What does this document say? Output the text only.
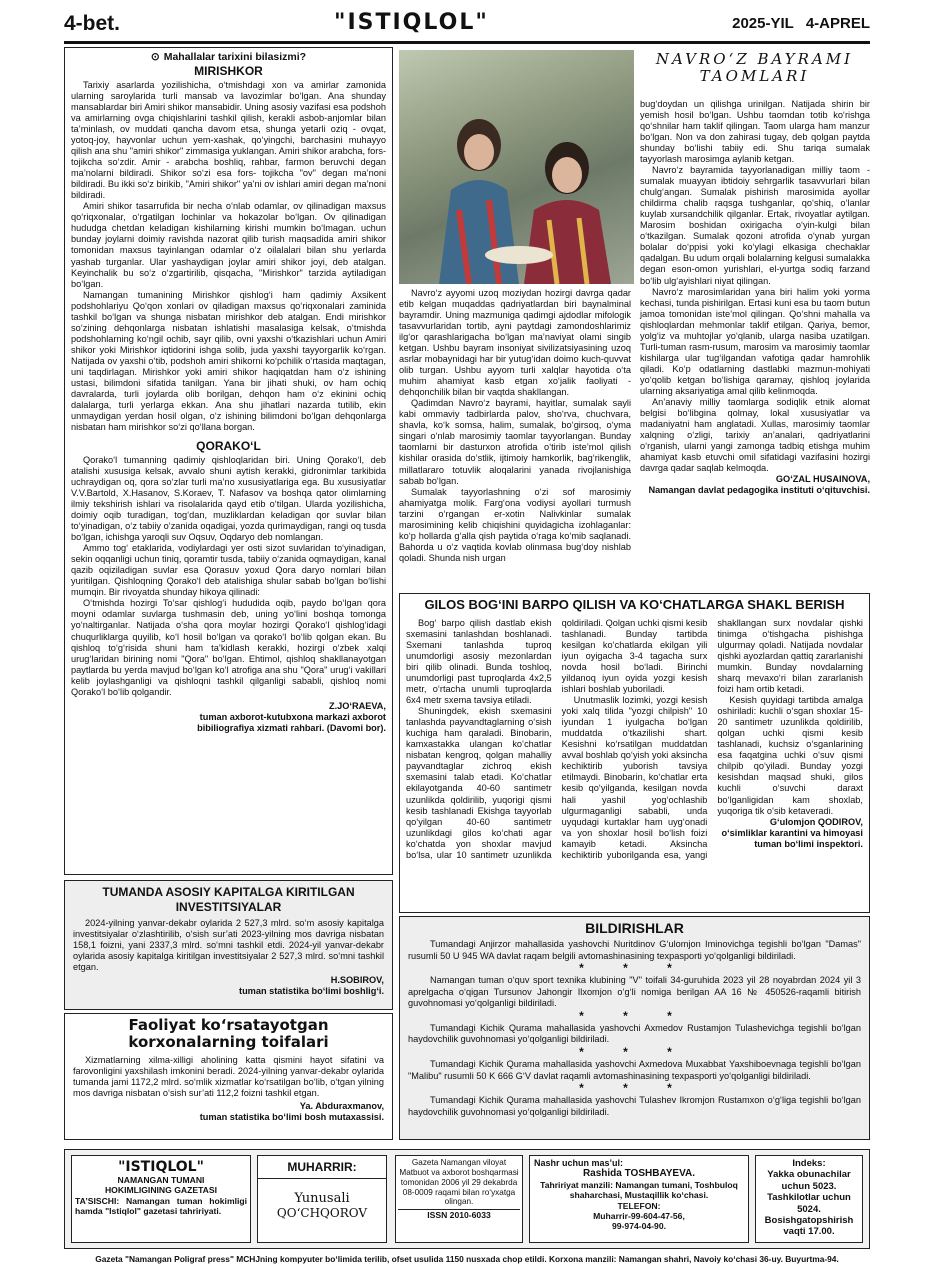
4-bet.	"ISTIQLOL"	2025-YIL 4-APREL
⊙ Mahallalar tarixini bilasizmi?
MIRISHKOR

Tarixiy asarlarda yozilishicha, o‘tmishdagi xon va amirlar zamonida ularning saroylarida turli mansab va lavozimlar bo‘lgan. Ana shunday mansablardar biri Amiri shikor mansabidir. Uning asosiy vazifasi esa podshoh va amirlarning ovga chiqishlarini tashkil qilish, kerakli asbob-anjomlar bilan ta’minlash, ov muddati qancha davom etsa, shunga yetarli oziq - ovqat, yotoq-joy, hayvonlar uchun yem-xashak, qo‘yingchi, barchasini muhayyo qilish ana shu "amiri shikor" zimmasiga yuklangan. Amiri shikor arabcha, fors-tojikcha so‘zdir. Amir - arabcha boshliq, rahbar, farmon beruvchi degan ma’nolarni bildiradi. Shikor so‘zi esa fors- tojikcha "ov" degan ma’noni bildiradi. Bu ikki so‘z birikib, "Amiri shikor" ya’ni ov ishlari amiri degan ma’noni bildiradi.

Amiri shikor tasarrufida bir necha o‘nlab odamlar, ov qilinadigan maxsus qo‘riqxonalar, o‘rgatilgan lochinlar va hokazolar bo‘lgan. Ov qilinadigan hududga chetdan keladigan kishilarning kirishi mumkin bo‘lmagan. uchun bunday joylarni doimiy ravishda nazorat qilib turish maqsadida amiri shikor tomonidan maxsus tayinlangan odamlar o‘z oilalalari bilan shu yerlarda yashab turganlar. Ular yashaydigan joylar amiri shikor joyi, deb atalgan. Keyinchalik bu so‘z o‘zgartirilib, qisqacha, "Mirishkor" tarzida aytiladigan bo‘lgan.

Namangan tumanining Mirishkor qishlog‘i ham qadimiy Axsikent podshohlariyu Qo‘qon xonlari ov qiladigan maxsus qo‘riqxonalari zaminida tashkil bo‘lgan va shunga nisbatan mirishkor deb atalgan. Endi mirishkor so‘zining dehqonlarga nisbatan ishlatishi masalasiga kelsak, o‘tmishda podshohlarning ko‘ngil ochib, sayr qilib, ovni yaxshi o‘tkazishlari uchun Amiri shikor yoki Mirishkor iqtidorini ishga solib, juda yaxshi tayyorgarlik ko‘rgan. Natijada ov yaxshi o‘tib, podshoh amiri shikorni ko‘pchilik o‘rtasida maqtagan, uni taqdirlagan. Mirishkor yoki amiri shikor haqiqatdan ham o‘z ishining ustasi, bilimdoni sifatida tanilgan. Yana bir jihati shuki, ov ham ochiq davralarda, turli joylarda olib borilgan, dehqon ham o‘z ekinini ochiq dalalarga, turli yerlarga ekkan. Ana shu jihatlari nazarda tutilib, ekin unmaydigan yerdan hosil olgan, o‘z ishining bilimdoni bo‘lgan dehqonlarga nisbatan ham mirishkor so‘zi qo‘llana borgan.

QORAKO‘L

Qorako‘l tumanning qadimiy qishloqlaridan biri. Uning Qorako‘l, deb atalishi xususiga kelsak, avvalo shuni aytish kerakki, gidronimlar tarkibida uchraydigan oq, qora so‘zlar turli ma’no xususiyatlariga ega. Bu xususiyatlar V.V.Bartold, X.Hasanov, S.Koraev, T. Nafasov va boshqa qator olimlarning ilmiy tekshirish ishlari va risolalarida qayd etib o‘tilgan. Ularda yozilishicha, doimiy oqib turadigan, tog‘dan, muzliklardan keladigan qor suvlar bilan to‘yinadigan, o‘z tabiiy o‘zanida oqadigai, yozda qurimaydigan, rangi oq tusda bo‘lgan, ichishga yaroqli suv Oqsuv, Oqdaryo deb nomlangan.

Ammo tog‘ etaklarida, vodiylardagi yer osti sizot suvlaridan to‘yinadigan, sekin oqqanligi uchun tiniq, qoramtir tusda, tabiiy o‘zanida oqmaydigan, kanal qazib oqiziladigan suvlar esa Qorasuv yoxud Qora daryo nomlari bilan yuritilgan. Qishloqning Qorako‘l deb atalishiga shular sabab bo‘lgan bo‘lishi mumqin. Bir rivoyatda shunday hikoya qilinadi:

O‘tmishda hozirgi To‘sar qishlog‘i hududida oqib, paydo bo‘lgan qora moyni odamlar suvlarga tushmasin deb, uning yo‘lini boshqa tomonga yo‘naltirganlar. Natijada o‘sha qora moylar hozirgi Qorako‘l qishlog‘idagi chuqurliklarga quyilib, ko‘l hosil bo‘lgan va qorako‘l bo‘lib qolgan ekan. Bu qishloq to‘g‘risida shuni ham ta’kidlash kerakki, hozirgi o‘zbek xalqi urug‘laridan birining nomi "Qora" bo‘lgan. Ehtimol, qishloq shakllanayotgan paytlarda bu yerda mavjud bo‘lgan ko‘l atrofiga ana shu "Qora" urug‘i vakillari kelib joylashganligi va qishloqni tashkil qilganligi sababli, qishloq nomi Qorako‘l bo‘lib qolgandir.

Z.JO‘RAEVA,
tuman axborot-kutubxona markazi axborot bibiliografiya xizmati rahbari. (Davomi bor).
TUMANDA ASOSIY KAPITALGA KIRITILGAN INVESTITSIYALAR

2024-yilning yanvar-dekabr oylarida 2 527,3 mlrd. so‘m asosiy kapitalga investitsiyalar o‘zlashtirilib, o‘sish sur’ati 2023-yilning mos davriga nisbatan 158,1 foizni, yani 2337,3 mlrd. so‘mni tashkil etdi. 2024-yil yanvar-dekabr oylarida asosiy kapitalga kiritilgan investitsiyalar 2 527,3 mlrd. so‘mni tashkil etgan.

H.SOBIROV,
tuman statistika bo‘limi boshlig‘i.
Faoliyat ko‘rsatayotgan
korxonalarning toifalari

Xizmatlarning xilma-xilligi aholining katta qismini hayot sifatini va farovonligini yaxshilash imkonini beradi. 2024-yilning yanvar-dekabr oylarida tumanda jami 1172,2 mlrd. so‘mlik xizmatlar ko‘rsatilgan bo‘lib, o‘tgan yilning mos davriga nisbatan o‘sish sur’ati 112,2 foizni tashkil etgan.

Ya. Abduraxmanov,
tuman statistika bo‘limi bosh mutaxassisi.
NAVRO‘Z BAYRAMI
TAOMLARI

Navro‘z ayyomi uzoq moziydan hozirgi davrga qadar etib kelgan muqaddas qadriyatlardan biri baynalminal bayramdir. Uning mazmuniga qadimgi ajdodlar mifologik tasavvurlaridan tortib, ayni paytdagi zamondoshlarimiz ilg‘or qarashlarigacha bo‘lgan ma’naviyat olami singib ketgan. Ushbu bayram insoniyat sivilizatsiyasining uzoq asrlar mobaynidagi har bir yutug‘idan doimo kuch-quvvat olib turgan. Ushbu ayyom turli xalqlar hayotida o‘ta muhim ahamiyat kasb etgan xo‘jalik faoliyati - dehqonchilik bilan bir vaqtda shakllangan.

Qadimdan Navro‘z bayrami, hayitlar, sumalak sayli kabi ommaviy tadbirlarda palov, sho‘rva, chuchvara, shavla, ko‘k somsa, halim, sumalak, bo‘girsoq, o‘yma singari o‘nlab marosimiy taomlar tayyorlangan. Bunday taomlarni bir dasturxon atrofida o‘tirib iste’mol qilish kishilar orasida do‘stlik, ijtimoiy hamkorlik, bag‘rikenglik, millatlararo totuvlik aloqalarini yanada rivojlanishiga sabab bo‘lgan.

Sumalak tayyorlashning o‘zi sof marosimiy ahamiyatga molik. Farg‘ona vodiysi ayollari turmush tarzini o‘rgangan er-xotin Nalivkinlar sumalak marosimining kelib chiqishini quyidagicha izohlaganlar: ko‘p hollarda g‘alla qish paytida o‘raga ko‘mib saqlanadi. Bahorda u o‘z vaqtida kovlab olinmasa bug‘doy nishlab qoladi. Shunda nish urgan

bug‘doydan un qilishga urinilgan. Natijada shirin bir yemish hosil bo‘lgan. Ushbu taomdan totib ko‘rishga qo‘shnilar ham taklif qilingan. Taom ularga ham manzur bo‘lgan. Non va don zahirasi tugay, deb qolgan paytda shunday bo‘lishi tabiiy edi. Shu tariqa sumalak tayyorlash marosimga aylanib ketgan.

Navro‘z bayramida tayyorlanadigan milliy taom - sumalak muayyan ibtidoiy sehrgarlik tasavvurlari bilan chulg‘angan. Sumalak pishirish marosimida ayollar childirma chalib raqsga tushganlar, qo‘shiq, o‘lanlar kuylab xursandchilik qilganlar. Ertak, rivoyatlar aytilgan. Marosim boshidan oxirigacha o‘yin-kulgi bilan o‘tkazilgan. Sumalak qozoni atrofida o‘ynab yurgan bolalar do‘ppisi yoki ko‘ylagi elkasiga chechaklar qadalgan. Bu udum orqali bolalarning kelgusi sumalakka degan eson-omon yurishlari, el-yurtga sodiq farzand bo‘lib ulg‘ayishlari niyat qilingan.

Navro‘z marosimlaridan yana biri halim yoki yorma kechasi, tunda pishirilgan. Ertasi kuni esa bu taom butun jamoa tomonidan iste’mol qilingan. Qo‘shni mahalla va qishloqlardan mehmonlar taklif etilgan. Qariya, bemor, yolg‘iz va muhtojlar yo‘qlanib, ularga nasiba uzatilgan. Turli-tuman rasm-rusum, marosim va marosimiy taomlar kishilarga ular tug‘ilgandan vafotiga qadar hamrohlik qiladi. Ko‘p odatlarning dastlabki mazmun-mohiyati yo‘qolib ketgan bo‘lishiga qaramay, qishloq joylarida ularning aksariyatiga amal qilib kelinmoqda.

An’anaviy milliy taomlarga sodiqlik etnik alomat belgisi bo‘libgina qolmay, lokal xususiyatlar va madaniyatni ham anglatadi. Xullas, marosimiy taomlar xalqning o‘zligi, tarixiy an’analari, qadriyatlarini o‘rganish, ularni yangi zamonga tadbiq etishga muhim ahamiyat kasb etuvchi omil sifatidagi vazifasini hozirgi davrga qadar saqlab kelmoqda.

GO‘ZAL HUSAINOVA,
Namangan davlat pedagogika instituti o‘qituvchisi.
GILOS BOG‘INI BARPO QILISH VA KO‘CHATLARGA SHAKL BERISH

Bog‘ barpo qilish dastlab ekish sxemasini tanlashdan boshlanadi. Sxemani tanlashda tuproq unumdorligi asosiy mezonlardan biri qilib olinadi. Bunda toshloq, unumdorligi past tuproqlarda 4x2,5 metr, o‘rtacha unumli tuproqlarda 6x4 metr sxema tavsiya etiladi.

Shuningdek, ekish sxemasini tanlashda payvandtaglarning o‘sish kuchiga ham qaraladi. Binobarin, kamxastakka ulangan ko‘chatlar nisbatan kengroq, qolgan mahalliy payvandtaglar zichroq ekish sxemasini talab etadi. Ko‘chatlar ekilayotganda 40-60 santimetr uzunlikda qoldirilib, yuqorigi qismi kesib tashlanadi Ekishga tayyorlab qo‘yilgan 40-60 santimetr uzunlikdagi gilos ko‘chati agar ko‘chatda yon shoxlar mavjud bo‘lsa, ular 10 santimetr uzunlikda qoldiriladi. Qolgan uchki qismi kesib tashlanadi. Bunday tartibda kesilgan ko‘chatlarda ekilgan yili iyun oyigacha 3-4 tagacha surx novda hosil bo‘ladi. Birinchi yildanoq iyun oyida yozgi kesish ishlari boshlab yuboriladi.

Unutmaslik lozimki, yozgi kesish yoki xalq tilida "yozgi chilpish" 10 iyundan 1 iyulgacha bo‘lgan muddatda o‘tkazilishi shart. Kesishni ko‘rsatilgan muddatdan avval boshlab qo‘yish yoki aksincha kechiktirib yuborish tavsiya etilmaydi. Binobarin, ko‘chatlar erta kesib qo‘yilganda, kesilgan novda hali yashil yog‘ochlashib ulgurmaganligi sababli, unda uyqudagi kurtaklar ham uyg‘onadi va yon shoxlar hosil bo‘lish foizi kamayib ketadi. Aksincha kechiktirib yuborilganda esa, yangi shakllangan surx novdalar qishki tinimga o‘tishgacha pishishga ulgurmay qoladi. Natijada novdalar qishki ayozlardan qattiq zararlanishi mumkin. Bunday novdalarning sharq mevaxo‘ri bilan zararlanish foizi ham ortib ketadi.

Kesish quyidagi tartibda amalga oshiriladi: kuchli o‘sgan shoxlar 15-20 santimetr uzunlikda qoldirilib, qolgan uchki qismi kesib tashlanadi, kuchsiz o‘sganlarining esa faqatgina uchki o‘suv qismi chilpib qo‘yiladi. Bunday yozgi kesishdan maqsad shuki, gilos kuchli o‘suvchi daraxt bo‘lganligidan kam shoxlab, yuqoriga tik o‘sib ketaveradi.

G‘ulomjon QODIROV,
o‘simliklar karantini va himoyasi tuman bo‘limi inspektori.
BILDIRISHLAR

Tumandagi Anjirzor mahallasida yashovchi Nuritdinov G‘ulomjon Iminovichga tegishli bo‘lgan "Damas" rusumli 50 U 945 WA davlat raqam belgili avtomashinasining texpasporti yo‘qolganligi bildiriladi.

* * *

Namangan tuman o‘quv sport texnika klubining "V" toifali 34-guruhida 2023 yil 28 noyabrdan 2024 yil 3 aprelgacha o‘qigan Tursunov Jahongir Ilxomjon o‘g‘li nomiga berilgan AA 16 № 450526-raqamli bitirish guvohnomasi yo‘qolganligi bildiriladi.

* * *

Tumandagi Kichik Qurama mahallasida yashovchi Axmedov Rustamjon Tulashevichga tegishli bo‘lgan haydovchilik guvohnomasi yo‘qolganligi bildiriladi.

* * *

Tumandagi Kichik Qurama mahallasida yashovchi Axmedova Muxabbat Yaxshiboevnaga tegishli bo‘lgan "Malibu" rusumli 50 K 666 G‘V davlat raqamli avtomashinasining texpasporti yo‘qolganligi bildiriladi.

* * *

Tumandagi Kichik Qurama mahallasida yashovchi Tulashev Ikromjon Rustamxon o‘g‘liga tegishli bo‘lgan haydovchilik guvohnomasi yo‘qolganligi bildiriladi.

"ISTIQLOL"
NAMANGAN TUMANI
HOKIMLIGINING GAZETASI
TA’SISCHI: Namangan tuman hokimligi hamda "Istiqlol" gazetasi tahririyati.
MUHARRIR:
Yunusali
QO‘CHQOROV
Gazeta Namangan viloyat Matbuot va axborot boshqarmasi tomonidan 2006 yil 29 dekabrda 08-0009 raqami bilan ro‘yxatga olingan.
ISSN 2010-6033
Nashr uchun mas’ul:
Rashida TOSHBAYEVA.
Tahririyat manzili: Namangan tumani, Toshbuloq shaharchasi, Mustaqillik ko‘chasi.
TELEFON:
Muharrir-99-604-47-56,
99-974-04-90.
Indeks:
Yakka obunachilar uchun 5023.
Tashkilotlar uchun 5024.
Bosishgatopshirish vaqti 17.00.
Gazeta "Namangan Poligraf press" MCHJning kompyuter bo‘limida terilib, ofset usulida 1150 nusxada chop etildi. Korxona manzili: Namangan shahri, Navoiy ko‘chasi 36-uy. Buyurtma-94.
